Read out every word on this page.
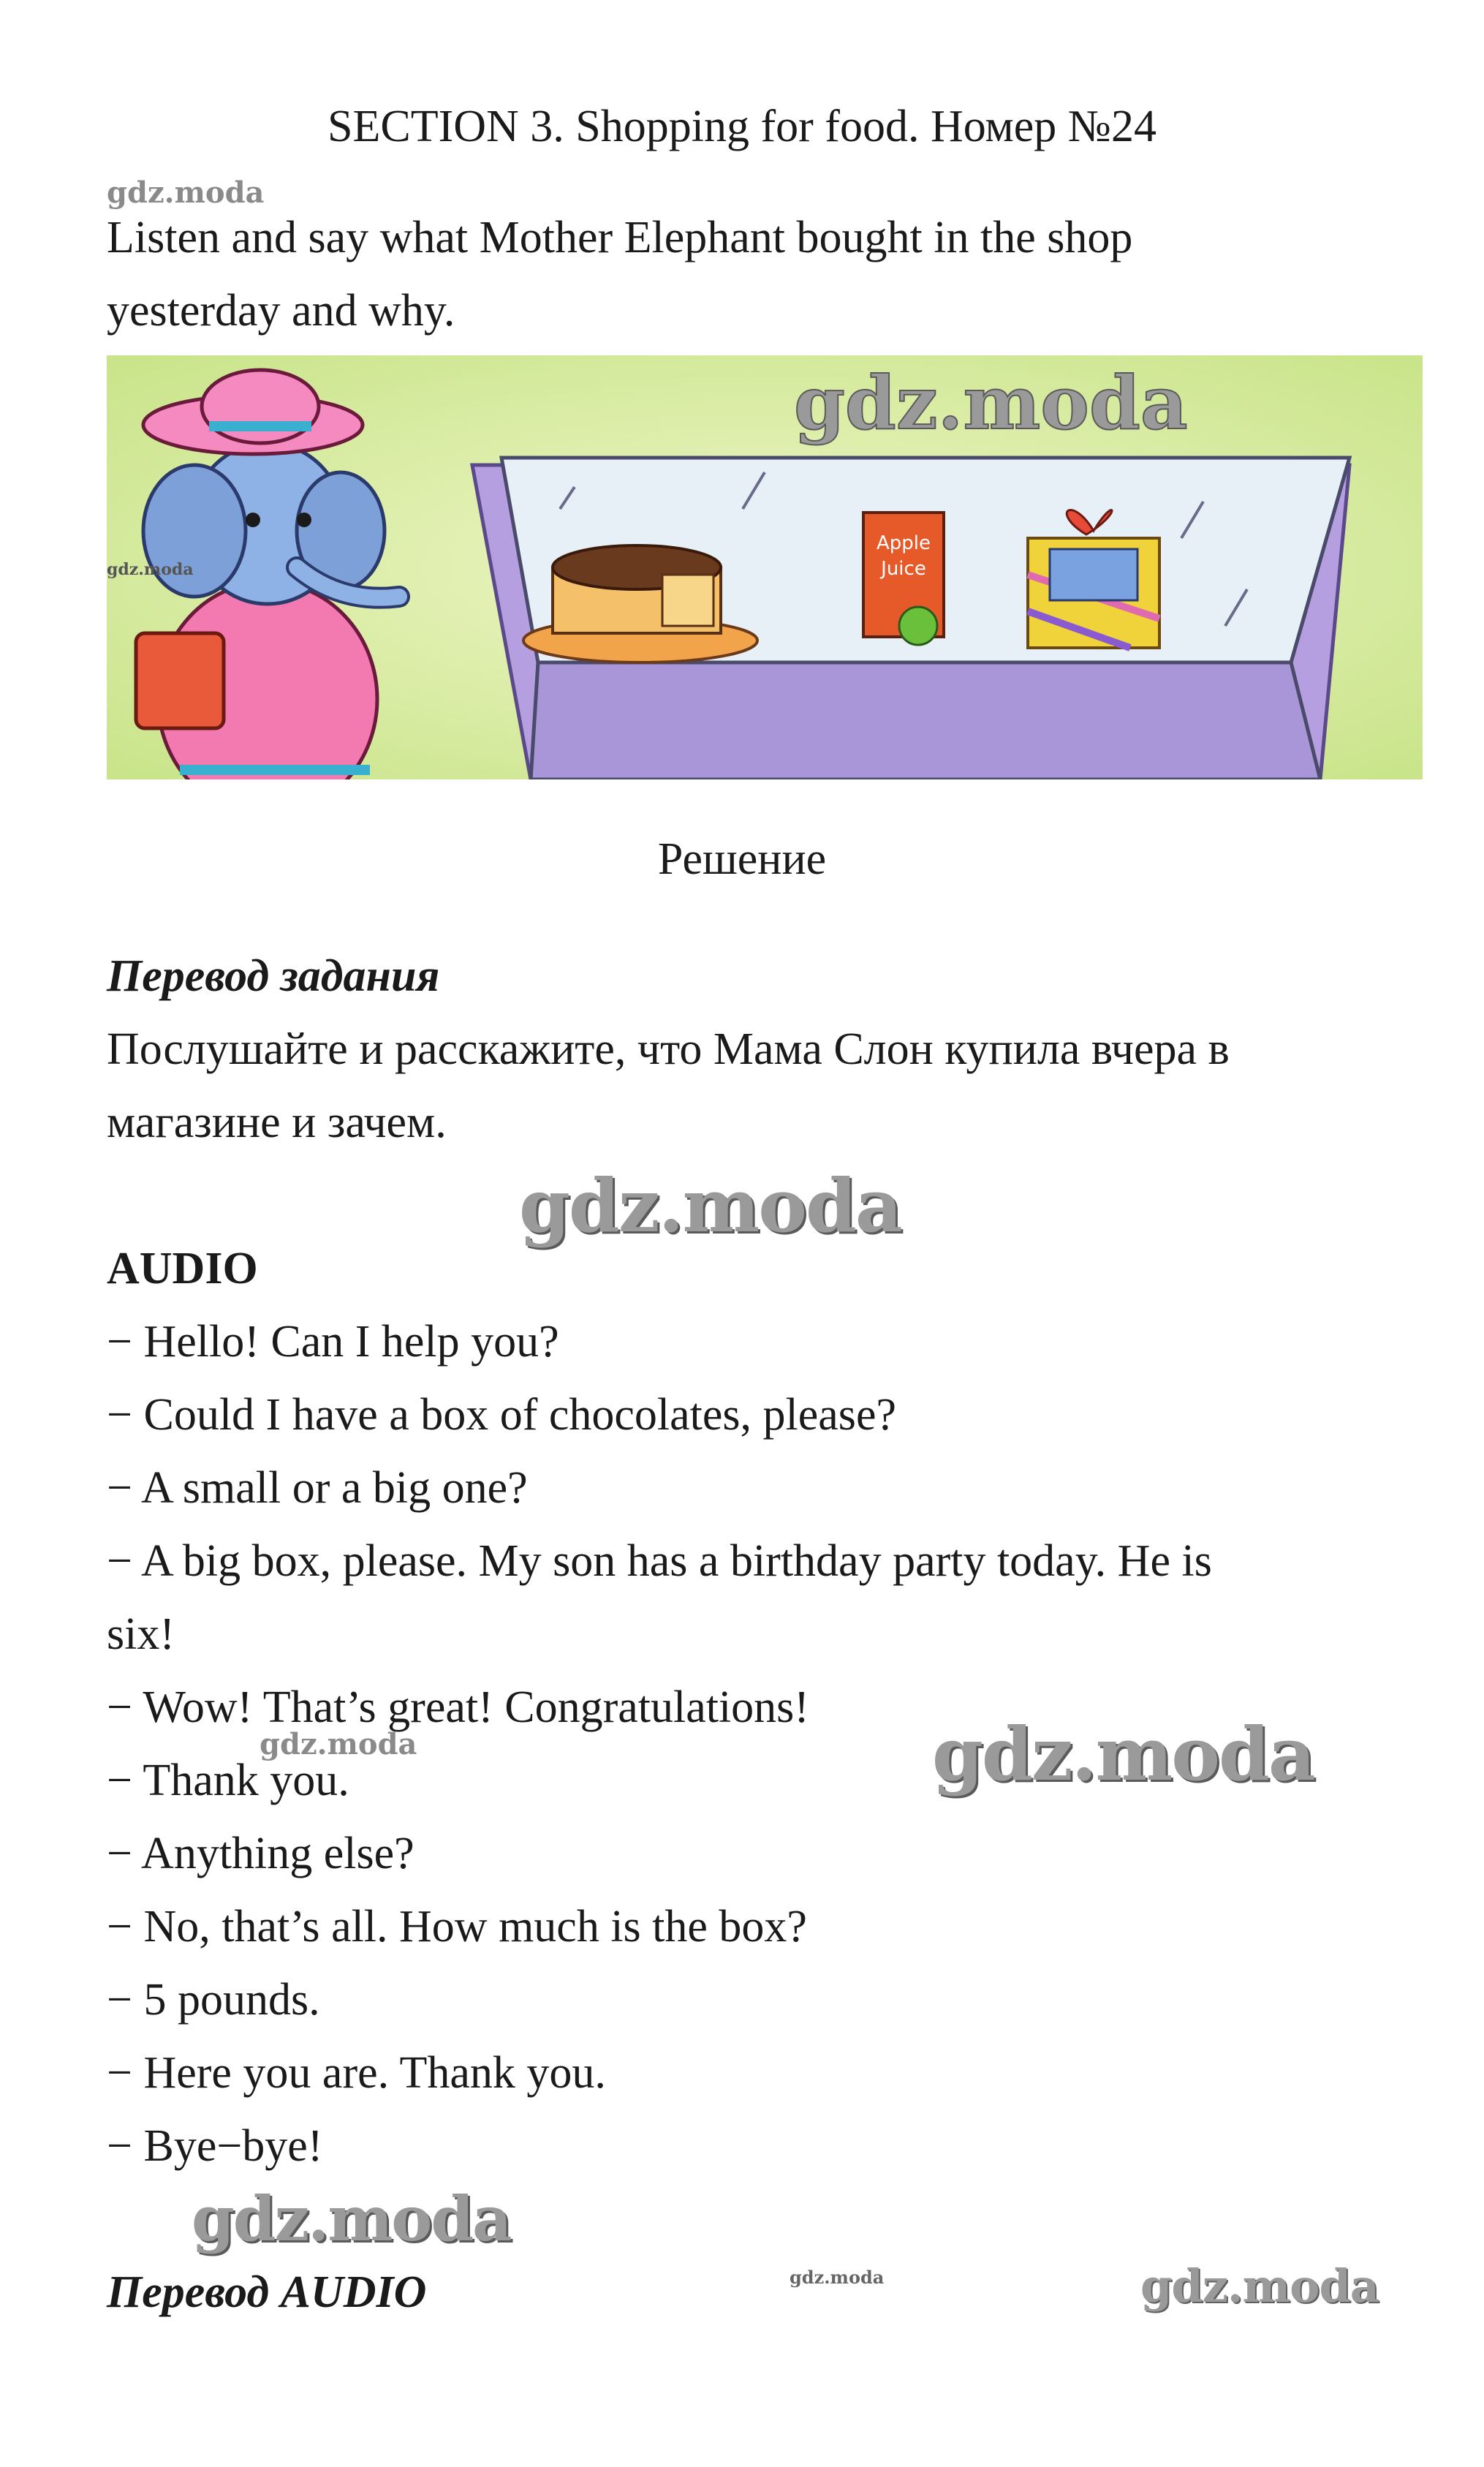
SECTION 3. Shopping for food. Номер №24
gdz.moda
Listen and say what Mother Elephant bought in the shop
yesterday and why.
Apple
Juice
gdz.moda
gdz.moda
Решение
Перевод задания
Послушайте и расскажите, что Мама Слон купила вчера в
магазине и зачем.
gdz.moda
AUDIO
− Hello! Can I help you?
− Could I have a box of chocolates, please?
− A small or a big one?
− A big box, please. My son has a birthday party today. He is
six!
− Wow! That’s great! Congratulations!
gdz.moda
− Thank you.	gdz.moda
− Anything else?
− No, that’s all. How much is the box?
− 5 pounds.
− Here you are. Thank you.
− Bye−bye!
gdz.moda
Перевод AUDIO	gdz.moda	gdz.moda
